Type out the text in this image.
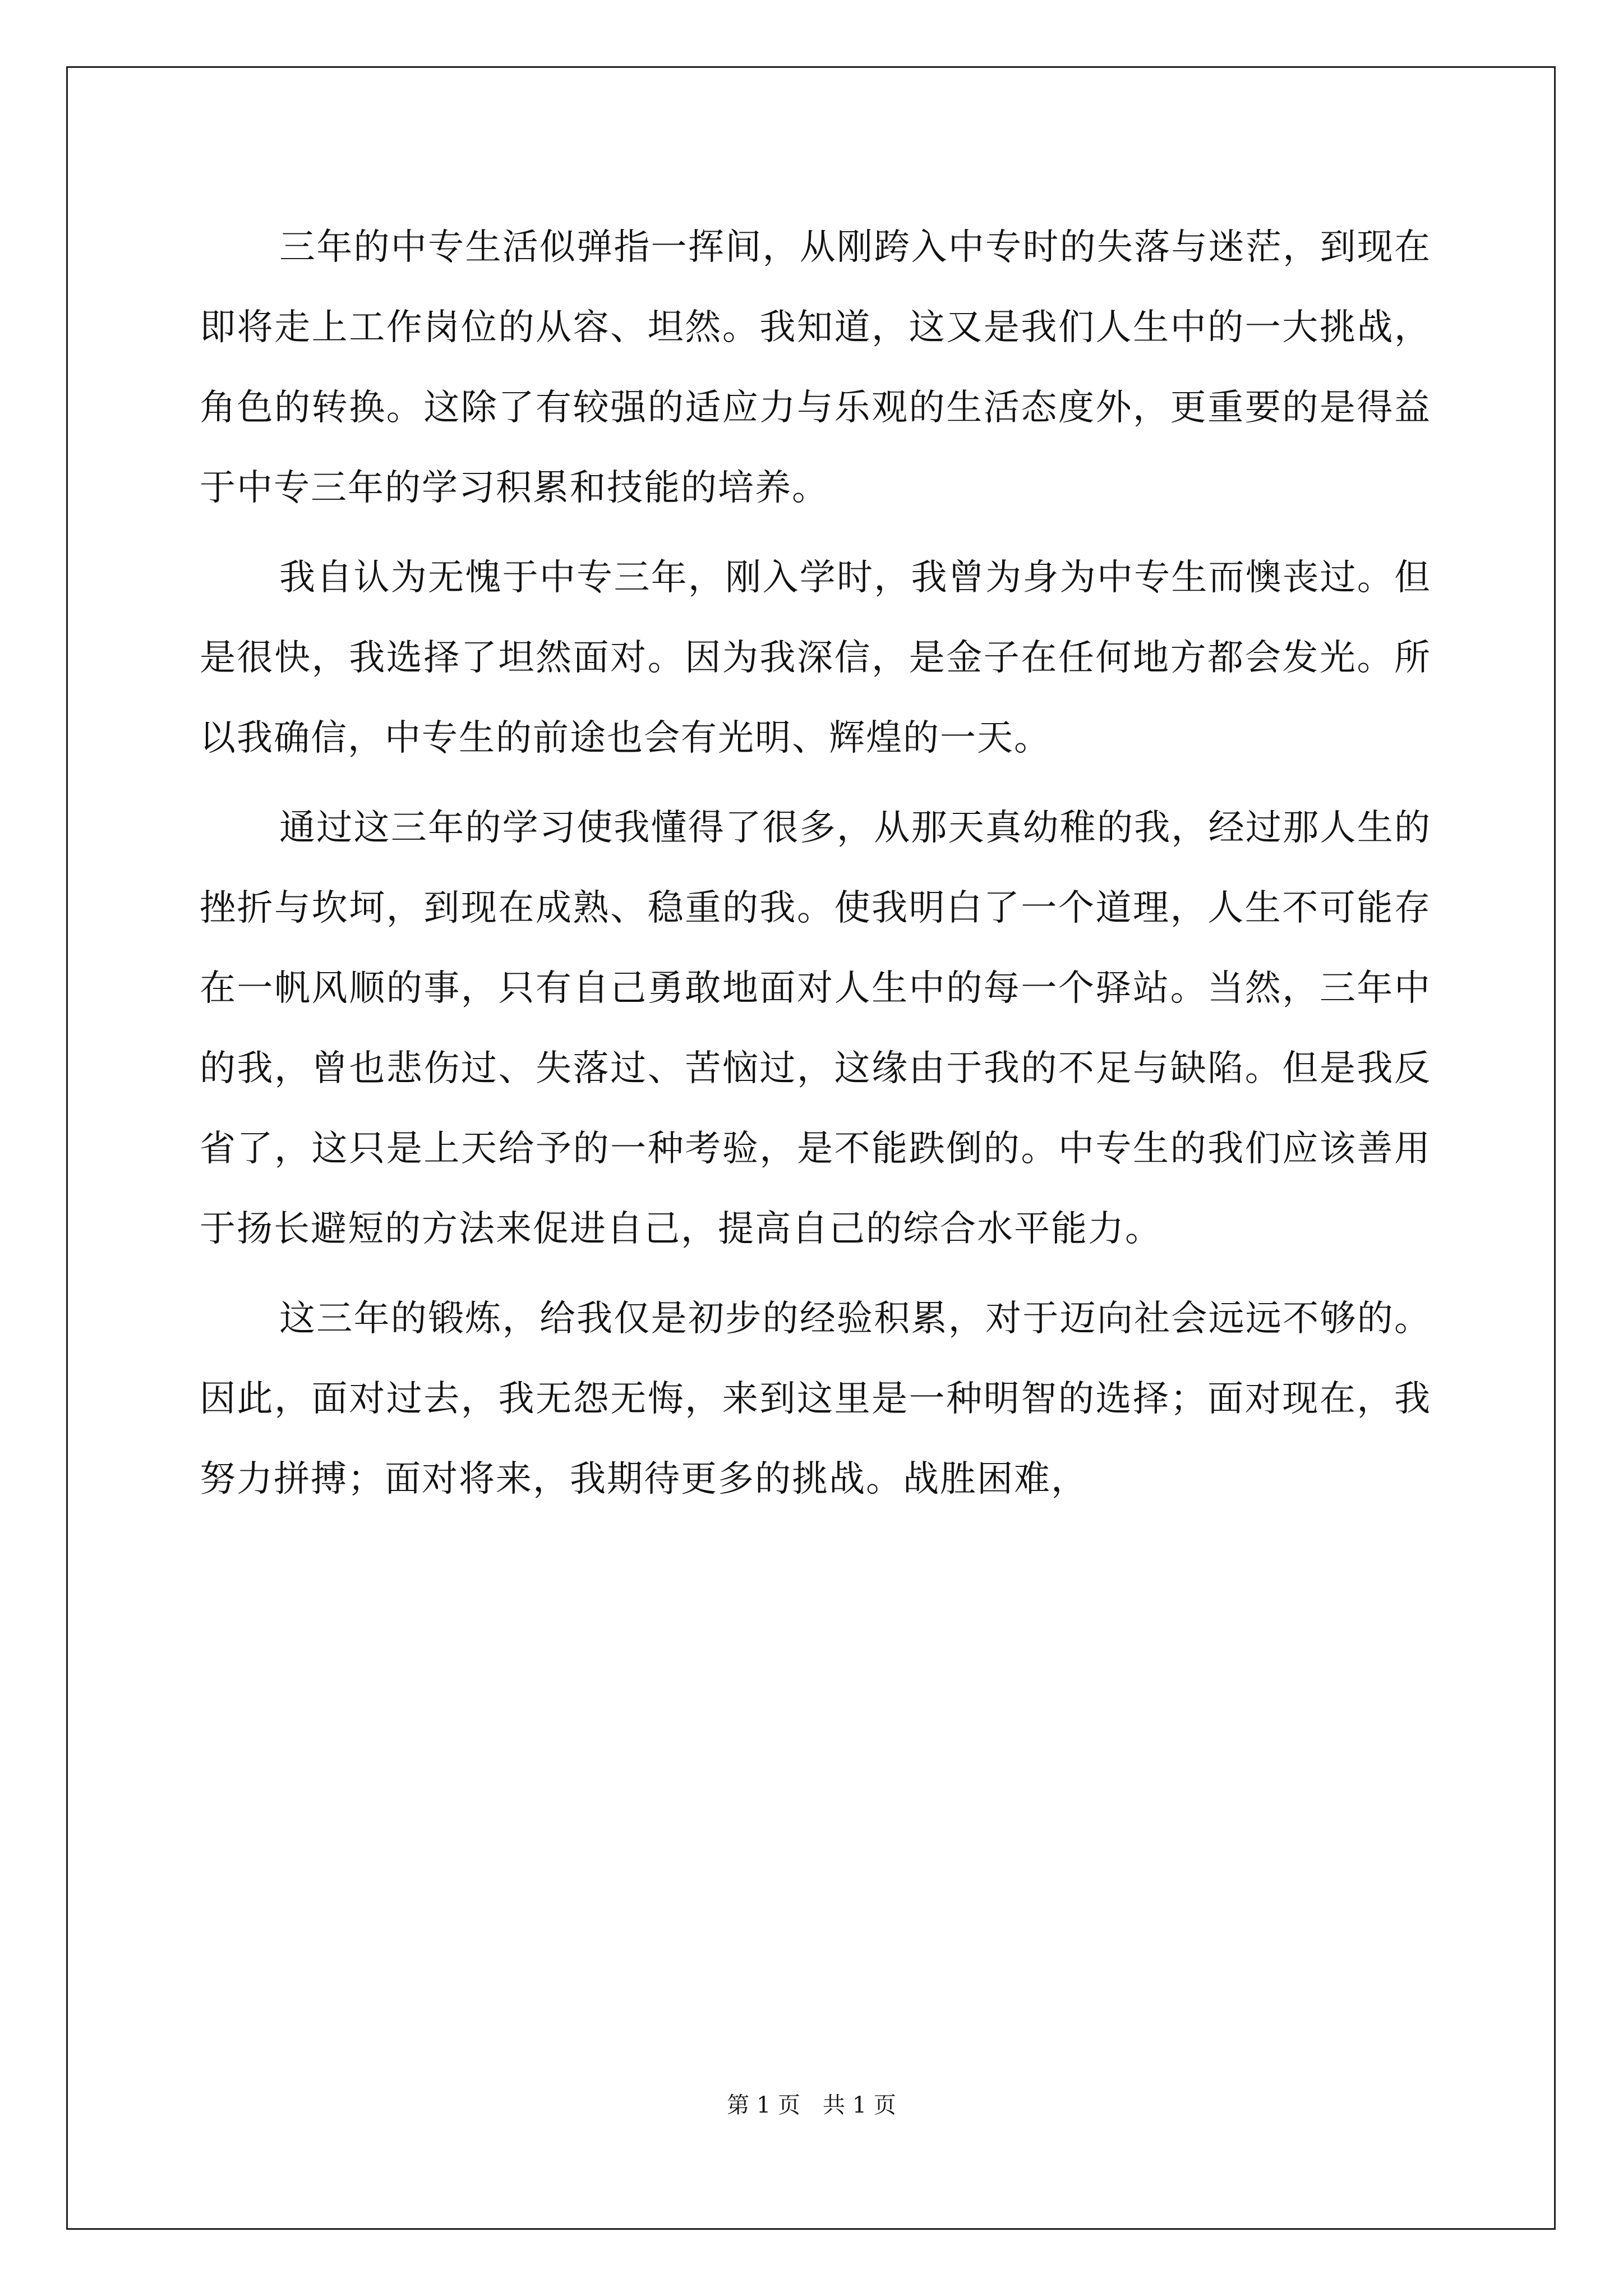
三年的中专生活似弹指一挥间，从刚跨入中专时的失落与迷茫，到现在即将走上工作岗位的从容、坦然。我知道，这又是我们人生中的一大挑战，角色的转换。这除了有较强的适应力与乐观的生活态度外，更重要的是得益于中专三年的学习积累和技能的培养。

我自认为无愧于中专三年，刚入学时，我曾为身为中专生而懊丧过。但是很快，我选择了坦然面对。因为我深信，是金子在任何地方都会发光。所以我确信，中专生的前途也会有光明、辉煌的一天。

通过这三年的学习使我懂得了很多，从那天真幼稚的我，经过那人生的挫折与坎坷，到现在成熟、稳重的我。使我明白了一个道理，人生不可能存在一帆风顺的事，只有自己勇敢地面对人生中的每一个驿站。当然，三年中的我，曾也悲伤过、失落过、苦恼过，这缘由于我的不足与缺陷。但是我反省了，这只是上天给予的一种考验，是不能跌倒的。中专生的我们应该善用于扬长避短的方法来促进自己，提高自己的综合水平能力。

这三年的锻炼，给我仅是初步的经验积累，对于迈向社会远远不够的。因此，面对过去，我无怨无悔，来到这里是一种明智的选择；面对现在，我努力拼搏；面对将来，我期待更多的挑战。战胜困难，

第 1 页　共 1 页
